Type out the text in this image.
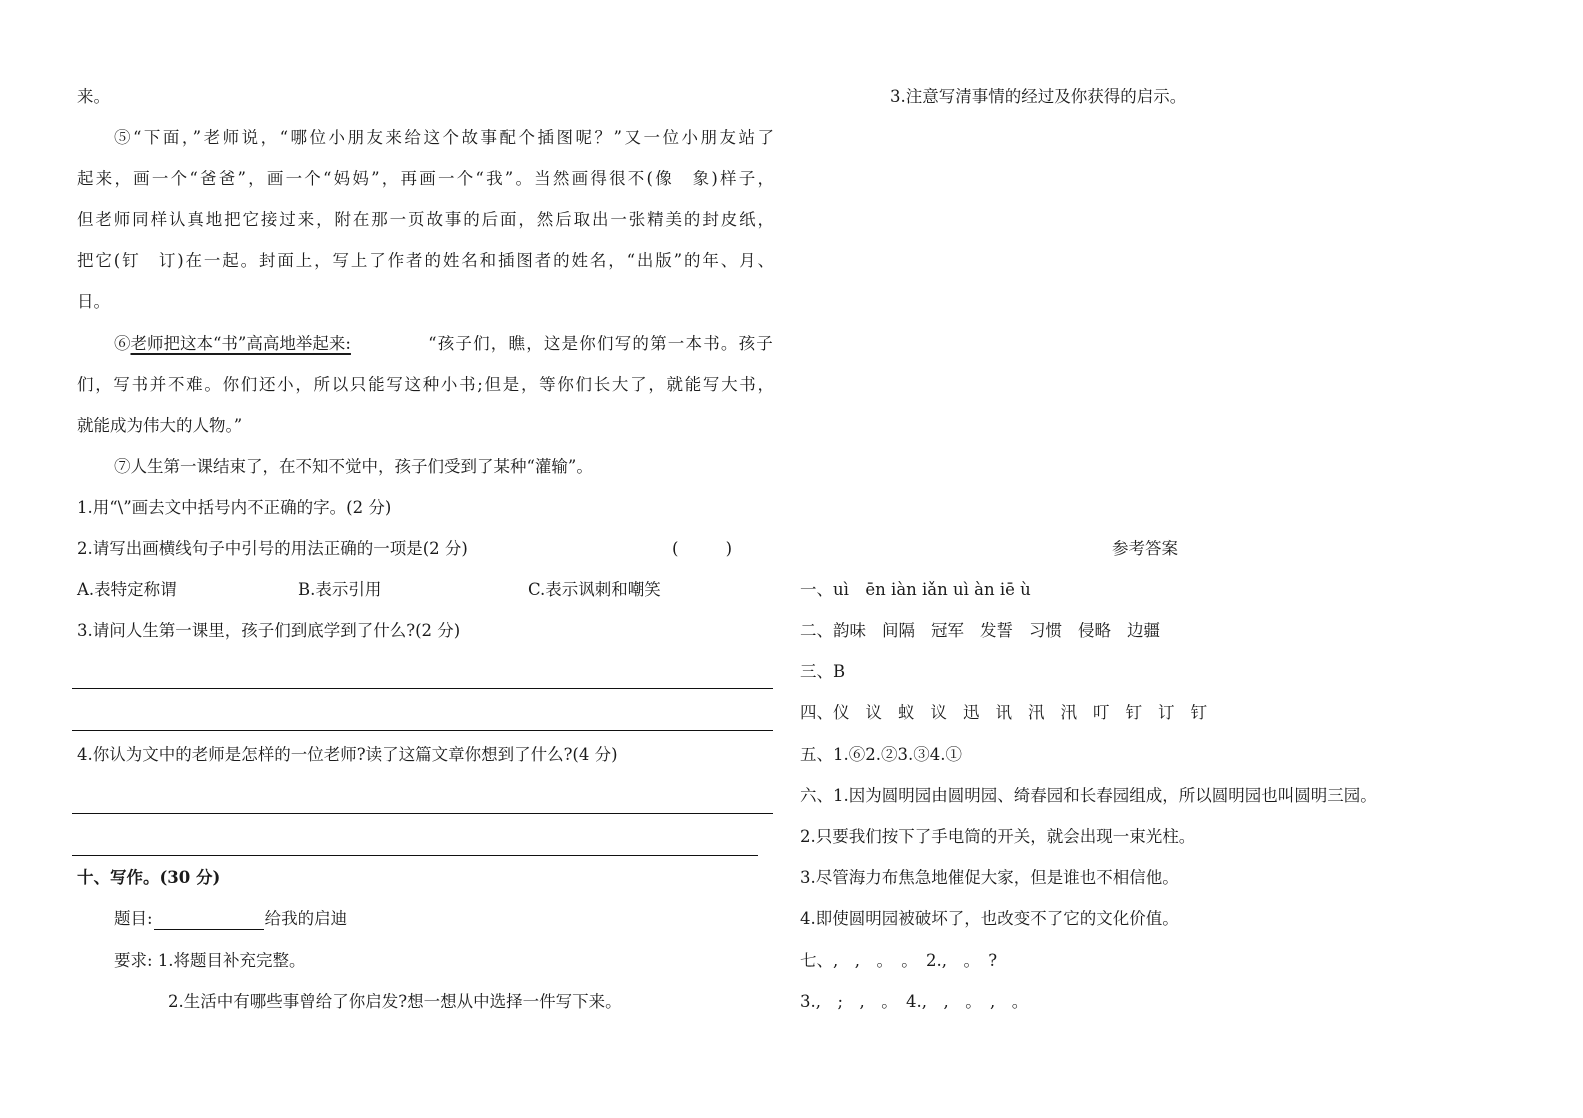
来。
⑤“下面，”老师说，“哪位小朋友来给这个故事配个插图呢？”又一位小朋友站了
起来，画一个“爸爸”，画一个“妈妈”，再画一个“我”。当然画得很不(像　象)样子，
但老师同样认真地把它接过来，附在那一页故事的后面，然后取出一张精美的封皮纸，
把它(钉　订)在一起。封面上，写上了作者的姓名和插图者的姓名，“出版”的年、月、
日。
⑥老师把这本“书”高高地举起来:	“孩子们，瞧，这是你们写的第一本书。孩子
们，写书并不难。你们还小，所以只能写这种小书;但是，等你们长大了，就能写大书，
就能成为伟大的人物。”
⑦人生第一课结束了，在不知不觉中，孩子们受到了某种“灌输”。
1.用“\”画去文中括号内不正确的字。(2 分)
2.请写出画横线句子中引号的用法正确的一项是(2 分)	(	)
A.表特定称谓	B.表示引用	C.表示讽刺和嘲笑
3.请问人生第一课里，孩子们到底学到了什么?(2 分)
4.你认为文中的老师是怎样的一位老师?读了这篇文章你想到了什么?(4 分)
十、写作。(30 分)
题目:	给我的启迪
要求: 1.将题目补充完整。
2.生活中有哪些事曾给了你启发?想一想从中选择一件写下来。
3.注意写清事情的经过及你获得的启示。
参考答案
一、uì　ēn iàn iǎn uì àn iē ù
二、韵味 间隔 冠军 发誓 习惯 侵略 边疆
三、B
四、仪 议 蚁 议 迅 讯 汛 汛 叮 钉 订 钉
五、1.⑥2.②3.③4.①
六、1.因为圆明园由圆明园、绮春园和长春园组成，所以圆明园也叫圆明三园。
2.只要我们按下了手电筒的开关，就会出现一束光柱。
3.尽管海力布焦急地催促大家，但是谁也不相信他。
4.即使圆明园被破坏了，也改变不了它的文化价值。
七、,　,　。　。　2.,　。　?
3.,　;　,　。　4.,　,　。　,　。
